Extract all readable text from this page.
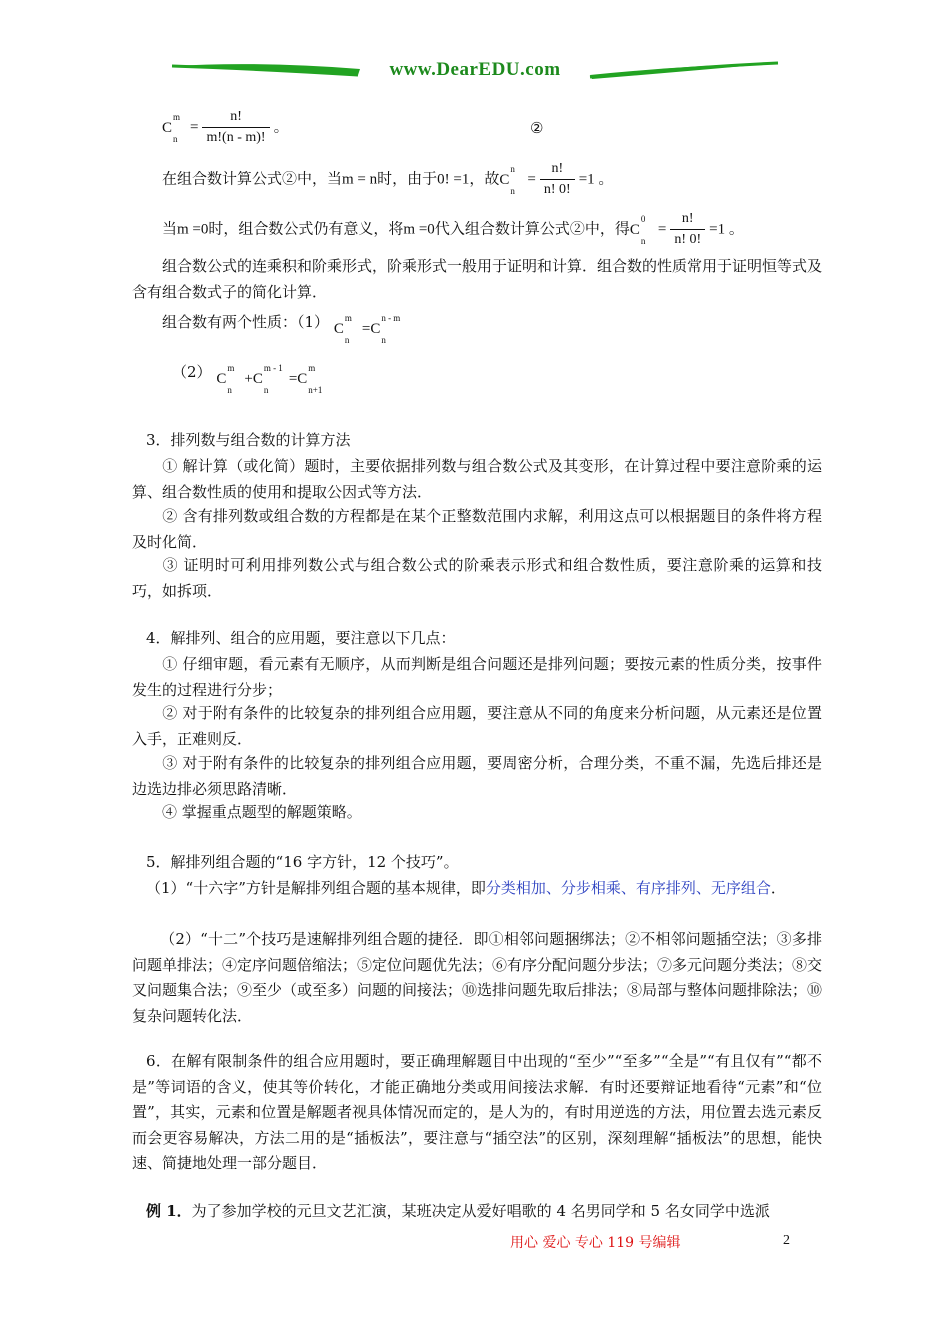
www.DearEDU.com
C
m
n
= $\frac{n!}{m!(n - m)!}$ 。	②
在组合数计算公式②中，当m = n时，由于0! =1，故C
n
n
= $\frac{n!}{n! 0!} =1$ 。
当m =0时，组合数公式仍有意义，将m =0代入组合数计算公式②中，得C
0
n
= $\frac{n!}{n! 0!} =1$ 。
组合数公式的连乘积和阶乘形式，阶乘形式一般用于证明和计算．组合数的性质常用于证明恒等式及含有组合数式子的简化计算．
组合数有两个性质：（1） C
m
n
=C
n - m
n
（2） C
m
n
+C
m - 1
n
=C
m
n+1
3．排列数与组合数的计算方法
① 解计算（或化简）题时，主要依据排列数与组合数公式及其变形，在计算过程中要注意阶乘的运算、组合数性质的使用和提取公因式等方法．
② 含有排列数或组合数的方程都是在某个正整数范围内求解，利用这点可以根据题目的条件将方程及时化简．
③ 证明时可利用排列数公式与组合数公式的阶乘表示形式和组合数性质，要注意阶乘的运算和技巧，如拆项．
4．解排列、组合的应用题，要注意以下几点：
① 仔细审题，看元素有无顺序，从而判断是组合问题还是排列问题；要按元素的性质分类，按事件发生的过程进行分步；
② 对于附有条件的比较复杂的排列组合应用题，要注意从不同的角度来分析问题，从元素还是位置入手，正难则反．
③ 对于附有条件的比较复杂的排列组合应用题，要周密分析，合理分类，不重不漏，先选后排还是边选边排必须思路清晰．
④ 掌握重点题型的解题策略。
5．解排列组合题的“16 字方针，12 个技巧”。
（1）“十六字”方针是解排列组合题的基本规律，即分类相加、分步相乘、有序排列、无序组合．
（2）“十二”个技巧是速解排列组合题的捷径．即①相邻问题捆绑法；②不相邻问题插空法；③多排问题单排法；④定序问题倍缩法；⑤定位问题优先法；⑥有序分配问题分步法；⑦多元问题分类法；⑧交叉问题集合法；⑨至少（或至多）问题的间接法；⑩选排问题先取后排法；⑧局部与整体问题排除法；⑩复杂问题转化法．
6．在解有限制条件的组合应用题时，要正确理解题目中出现的“至少”“至多”“全是”“有且仅有”“都不是”等词语的含义，使其等价转化，才能正确地分类或用间接法求解．有时还要辩证地看待“元素”和“位置”，其实，元素和位置是解题者视具体情况而定的，是人为的，有时用逆选的方法，用位置去选元素反而会更容易解决，方法二用的是“插板法”，要注意与“插空法”的区别，深刻理解“插板法”的思想，能快速、简捷地处理一部分题目．
例 1．为了参加学校的元旦文艺汇演，某班决定从爱好唱歌的 4 名男同学和 5 名女同学中选派
用心 爱心 专心 119 号编辑	2
